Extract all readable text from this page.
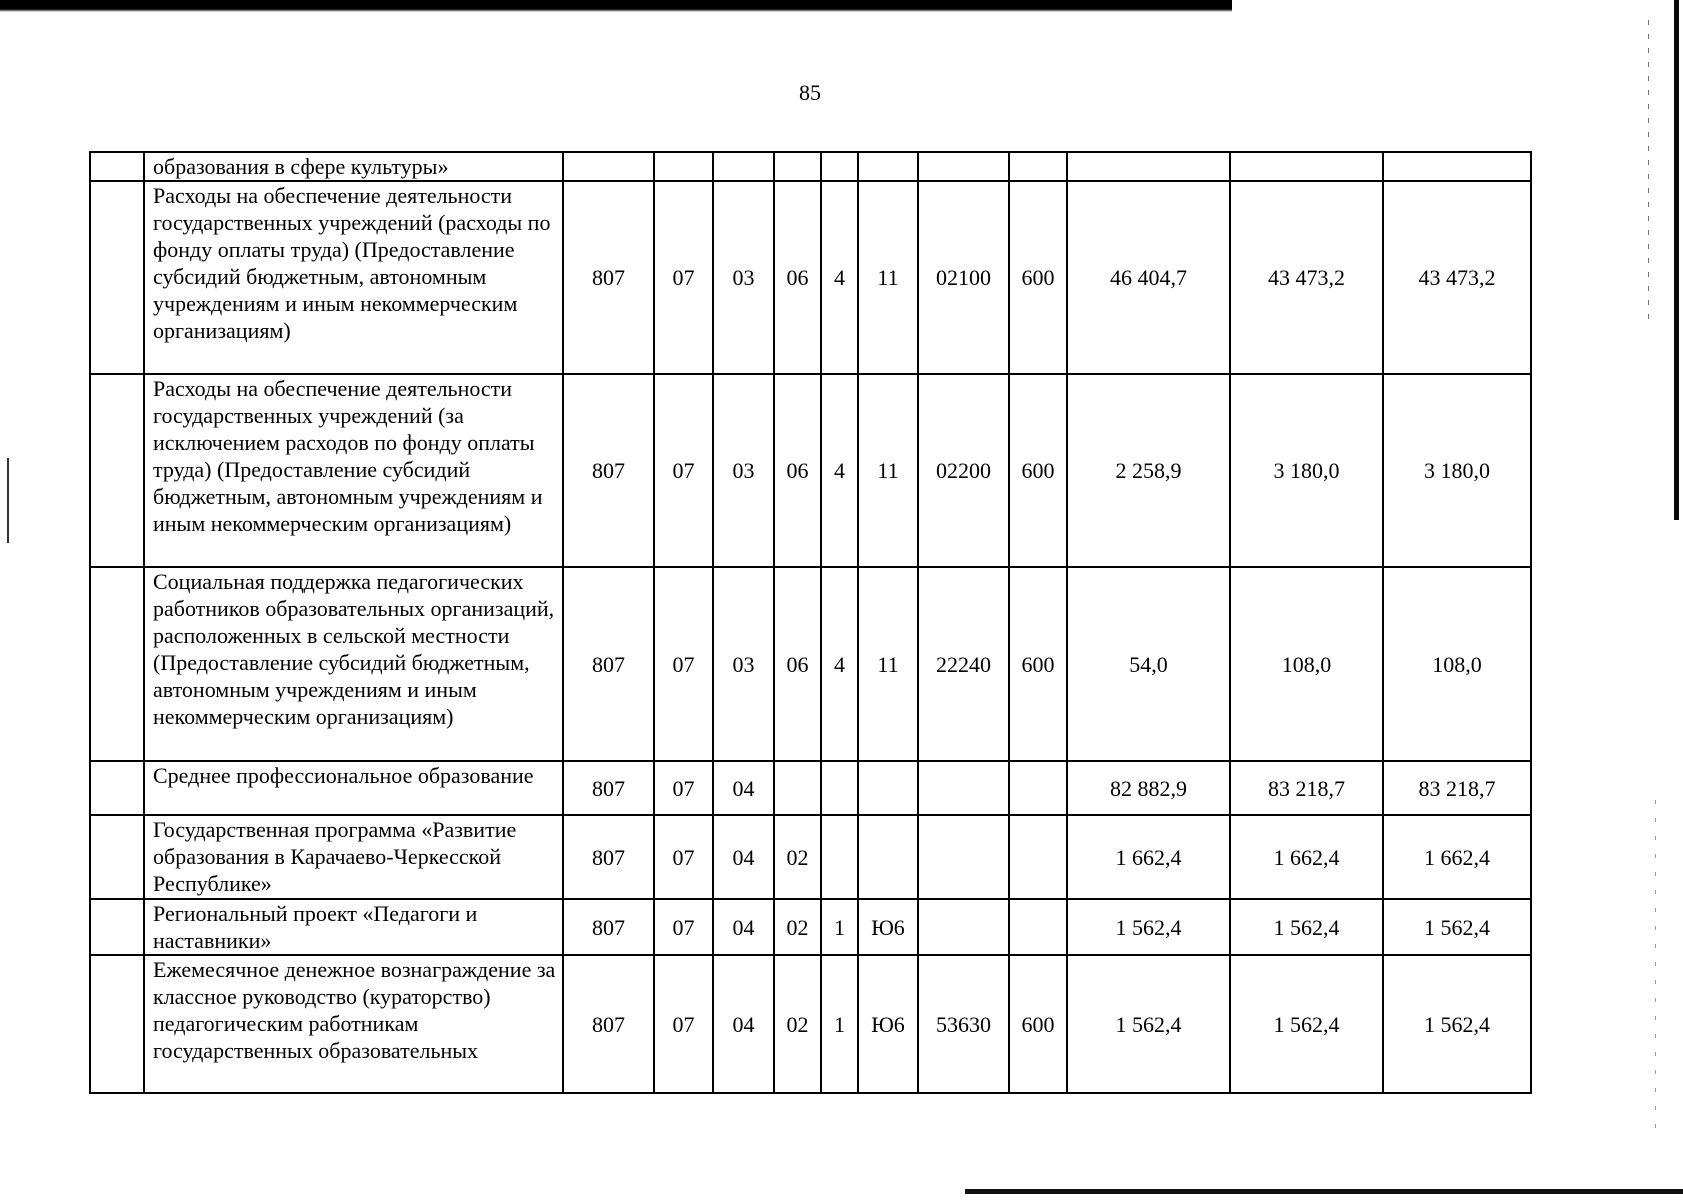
85
	образования в сфере культуры»											
	Расходы на обеспечение деятельности государственных учреждений (расходы по фонду оплаты труда) (Предоставление субсидий бюджетным, автономным учреждениям и иным некоммерческим организациям)	807	07	03	06	4	11	02100	600	46 404,7	43 473,2	43 473,2
	Расходы на обеспечение деятельности государственных учреждений (за исключением расходов по фонду оплаты труда) (Предоставление субсидий бюджетным, автономным учреждениям и иным некоммерческим организациям)	807	07	03	06	4	11	02200	600	2 258,9	3 180,0	3 180,0
	Социальная поддержка педагогических работников образовательных организаций, расположенных в сельской местности (Предоставление субсидий бюджетным, автономным учреждениям и иным некоммерческим организациям)	807	07	03	06	4	11	22240	600	54,0	108,0	108,0
	Среднее профессиональное образование	807	07	04						82 882,9	83 218,7	83 218,7
	Государственная программа «Развитие образования в Карачаево-Черкесской Республике»	807	07	04	02					1 662,4	1 662,4	1 662,4
	Региональный проект «Педагоги и наставники»	807	07	04	02	1	Ю6			1 562,4	1 562,4	1 562,4
	Ежемесячное денежное вознаграждение за классное руководство (кураторство) педагогическим работникам государственных образовательных	807	07	04	02	1	Ю6	53630	600	1 562,4	1 562,4	1 562,4
